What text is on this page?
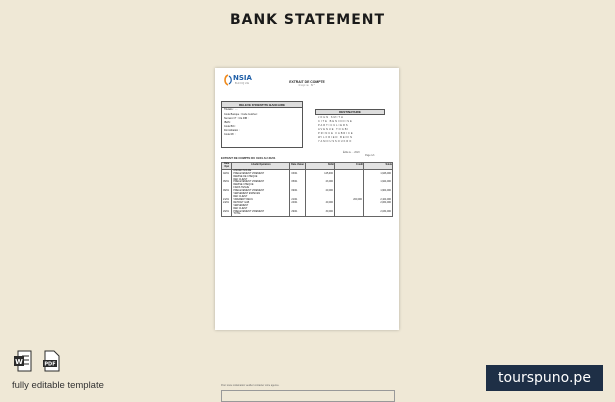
BANK STATEMENT
NSIA
BANQUE	EXTRAIT DE COMPTE
Copie N°
RELEVE D'IDENTITE BANCAIRE
Titulaire : ....
Code Banque : Code Guichet :
Numéro N° : Clé RIB :
IBAN :
Code BIC :
Domiciliation :
Code RF :
DESTINATAIRE
JOHN SMITH
CITE BENINOISE
PARTICULIERS
AVENUE TOGBI
PRINCE FABRICE
WILFRIED BENIN
YAMOUSSOUKRO
Édité le ... 2023
Page 1/1
EXTRAIT DE COMPTE DU 01/01 AU 31/01
Date Opé	Libellé Opération	Date Valeur	Débit	Crédit	Solde
	ANCIEN SOLDE				
02/01	PRELEVEMENT VIREMENT	03/01	125,000		1,946,000
	REMISE DE CHEQUE				
	REF CLIENT				
05/01	PRELEVEMENT VIREMENT	05/01	23,000		1,924,000
	REMISE CHEQUE				
	FRAIS TENUE				
09/01	PRELEVEMENT VIREMENT	09/01	20,000		1,904,000
	VERSEMENT ESPECES				
	REF CLIENT				
21/01	VIREMENT RECU	21/01		200,000	2,104,000
24/01	RETRAIT GAB	24/01	40,000		2,064,000
	VERSEMENT				
	REF CLIENT				
29/01	PRELEVEMENT VIREMENT	29/01	30,000		2,034,000
	TOTAL				
Pour toute réclamation veuillez contacter votre agence.
W	PDF
fully editable template	tourspuno.pe
